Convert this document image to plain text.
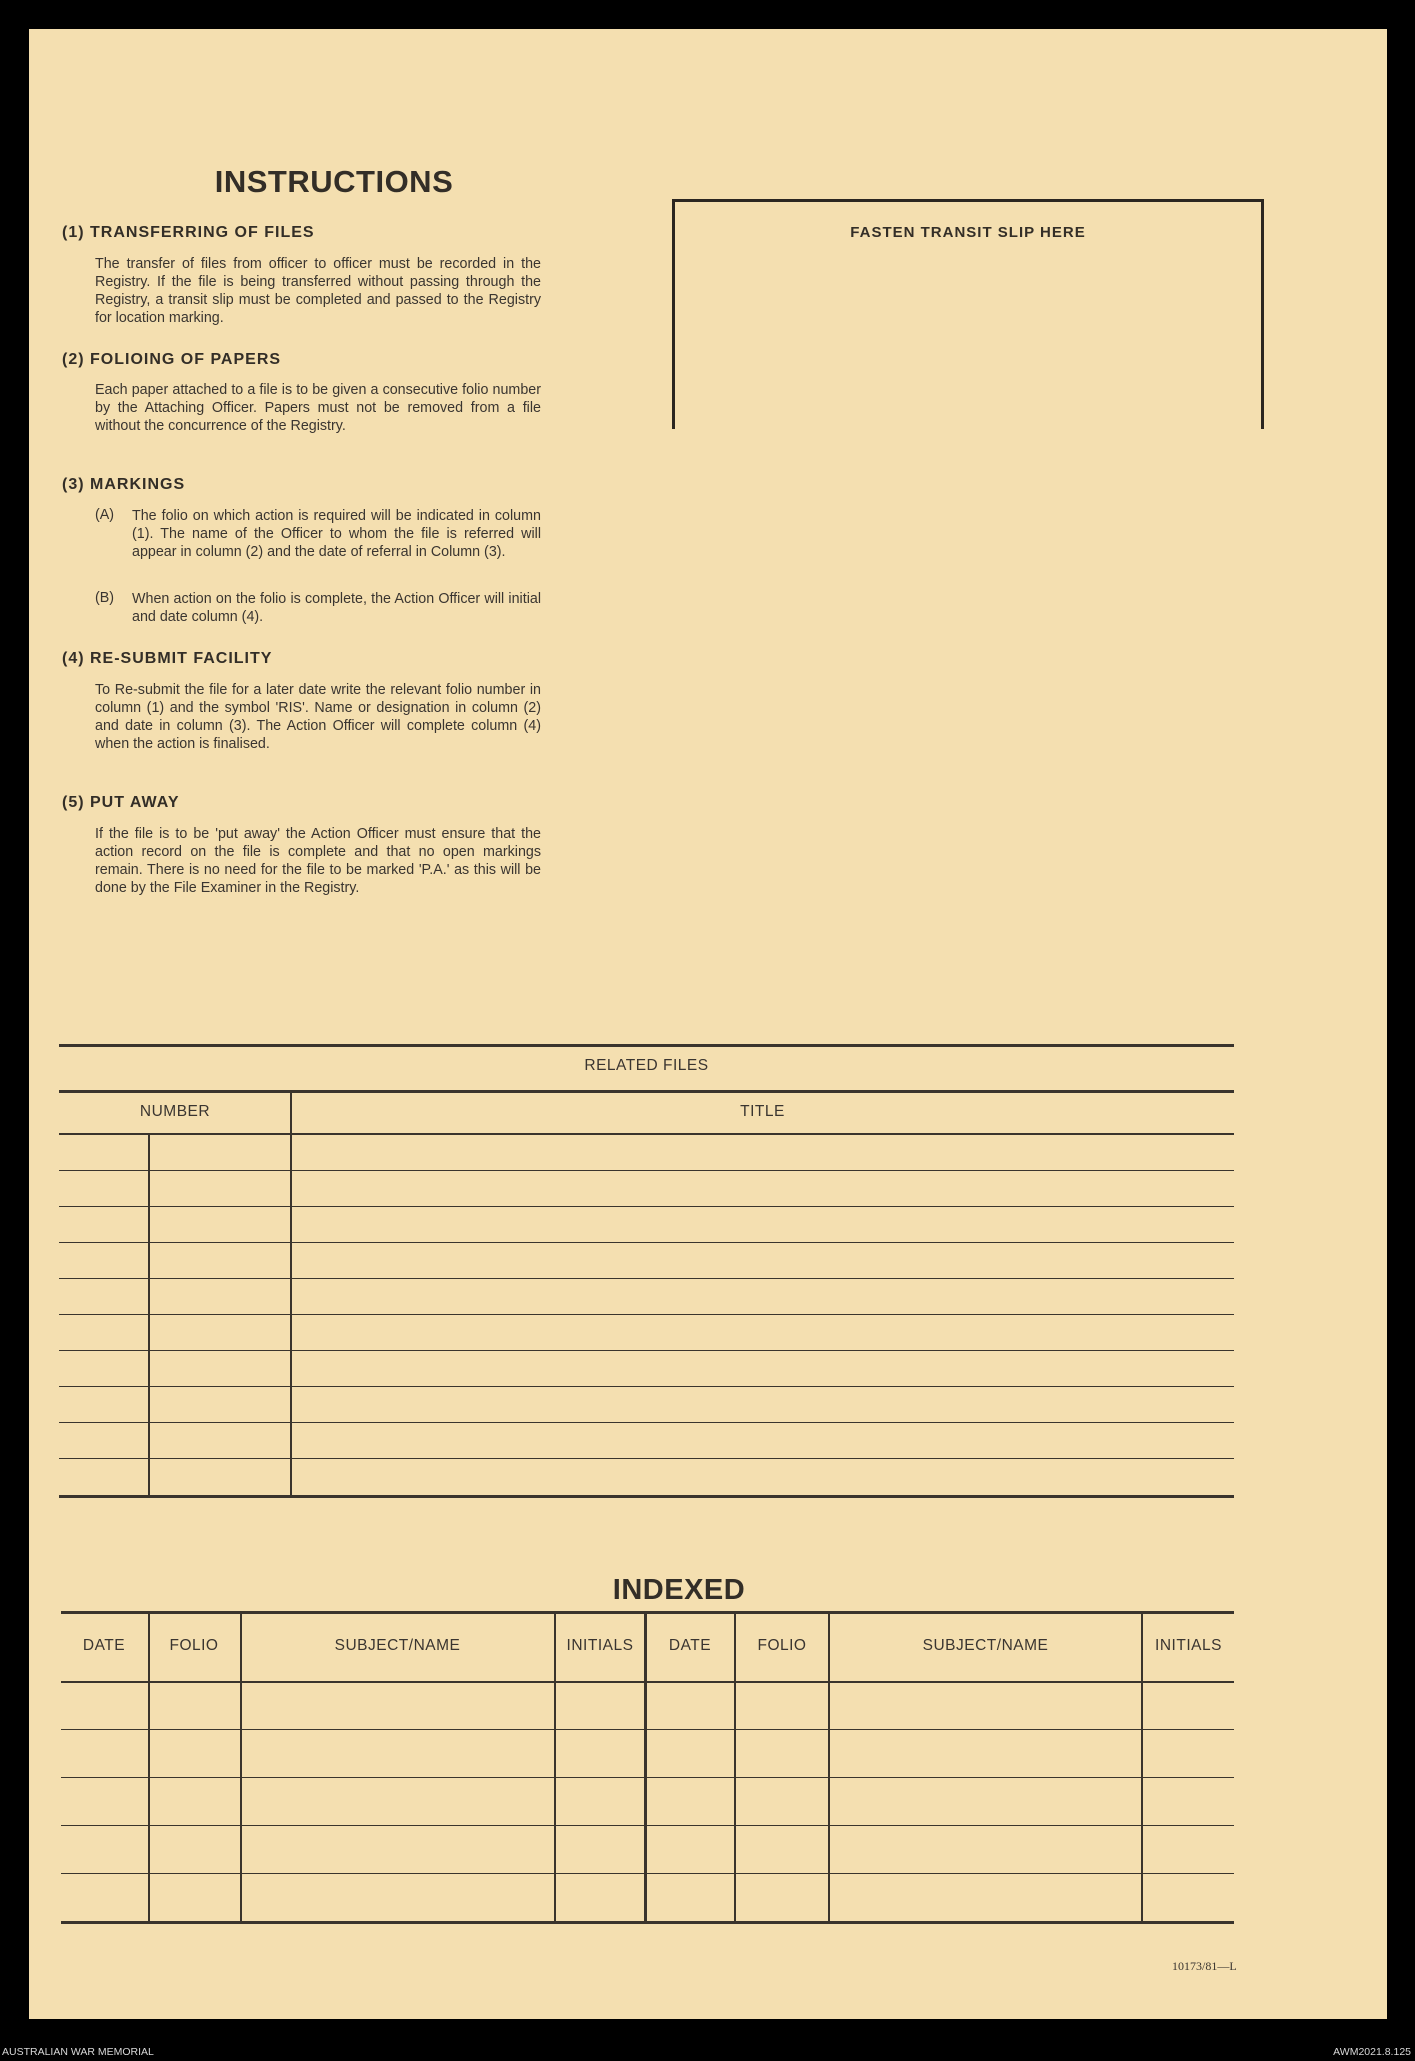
INSTRUCTIONS
(1) TRANSFERRING OF FILES
The transfer of files from officer to officer must be recorded in the Registry. If the file is being transferred without passing through the Registry, a transit slip must be completed and passed to the Registry for location marking.
(2) FOLIOING OF PAPERS
Each paper attached to a file is to be given a consecutive folio number by the Attaching Officer. Papers must not be removed from a file without the concurrence of the Registry.
(3) MARKINGS
(A) The folio on which action is required will be indicated in column (1). The name of the Officer to whom the file is referred will appear in column (2) and the date of referral in Column (3).
(B) When action on the folio is complete, the Action Officer will initial and date column (4).
(4) RE-SUBMIT FACILITY
To Re-submit the file for a later date write the relevant folio number in column (1) and the symbol 'RIS'. Name or designation in column (2) and date in column (3). The Action Officer will complete column (4) when the action is finalised.
(5) PUT AWAY
If the file is to be 'put away' the Action Officer must ensure that the action record on the file is complete and that no open markings remain. There is no need for the file to be marked 'P.A.' as this will be done by the File Examiner in the Registry.
FASTEN TRANSIT SLIP HERE
RELATED FILES
NUMBER	TITLE
INDEXED
DATE	FOLIO	SUBJECT/NAME	INITIALS	DATE	FOLIO	SUBJECT/NAME	INITIALS
10173/81—L
AUSTRALIAN WAR MEMORIAL	AWM2021.8.125
